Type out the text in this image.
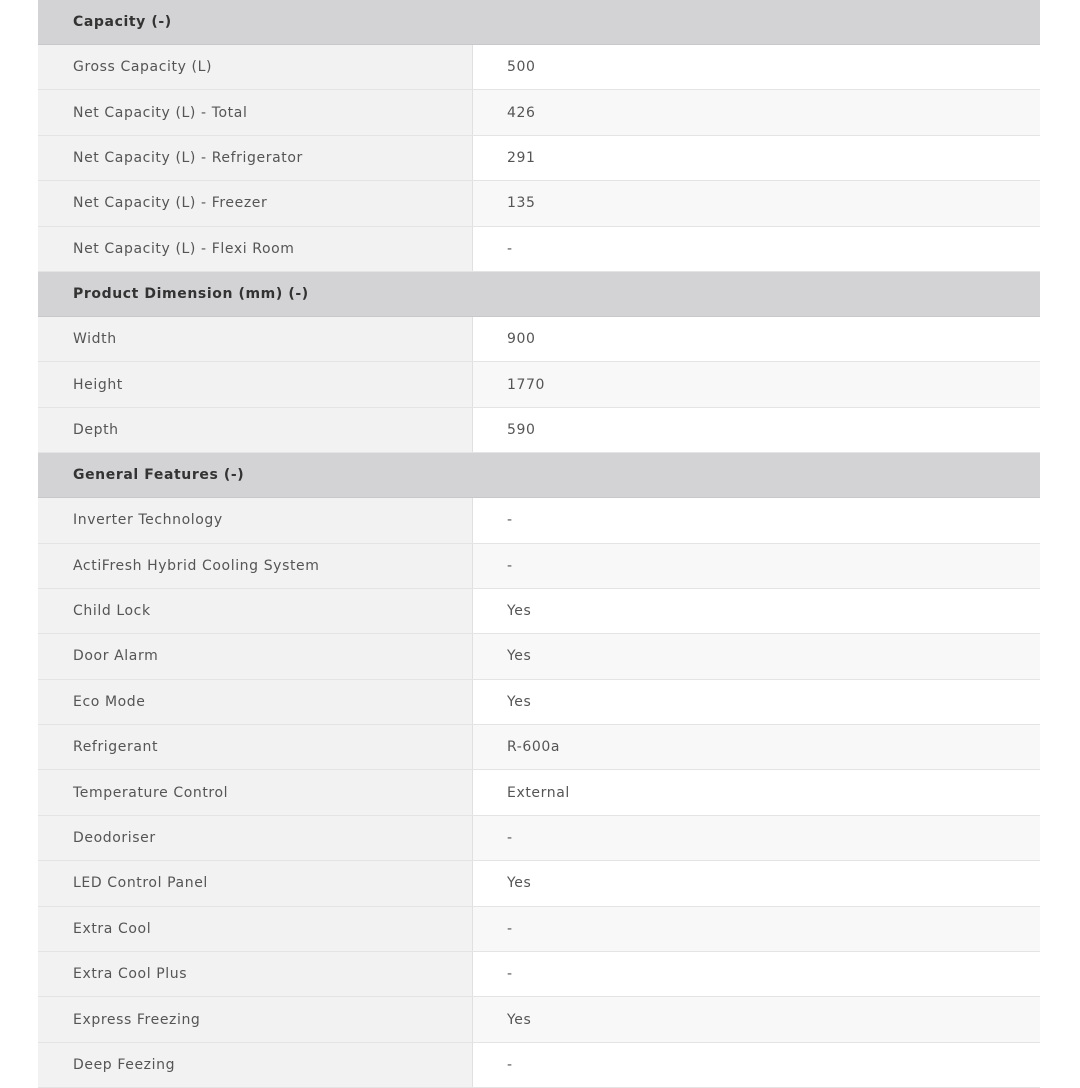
Capacity (-)
Gross Capacity (L)	500
Net Capacity (L) - Total	426
Net Capacity (L) - Refrigerator	291
Net Capacity (L) - Freezer	135
Net Capacity (L) - Flexi Room	-
Product Dimension (mm) (-)
Width	900
Height	1770
Depth	590
General Features (-)
Inverter Technology	-
ActiFresh Hybrid Cooling System	-
Child Lock	Yes
Door Alarm	Yes
Eco Mode	Yes
Refrigerant	R-600a
Temperature Control	External
Deodoriser	-
LED Control Panel	Yes
Extra Cool	-
Extra Cool Plus	-
Express Freezing	Yes
Deep Feezing	-
